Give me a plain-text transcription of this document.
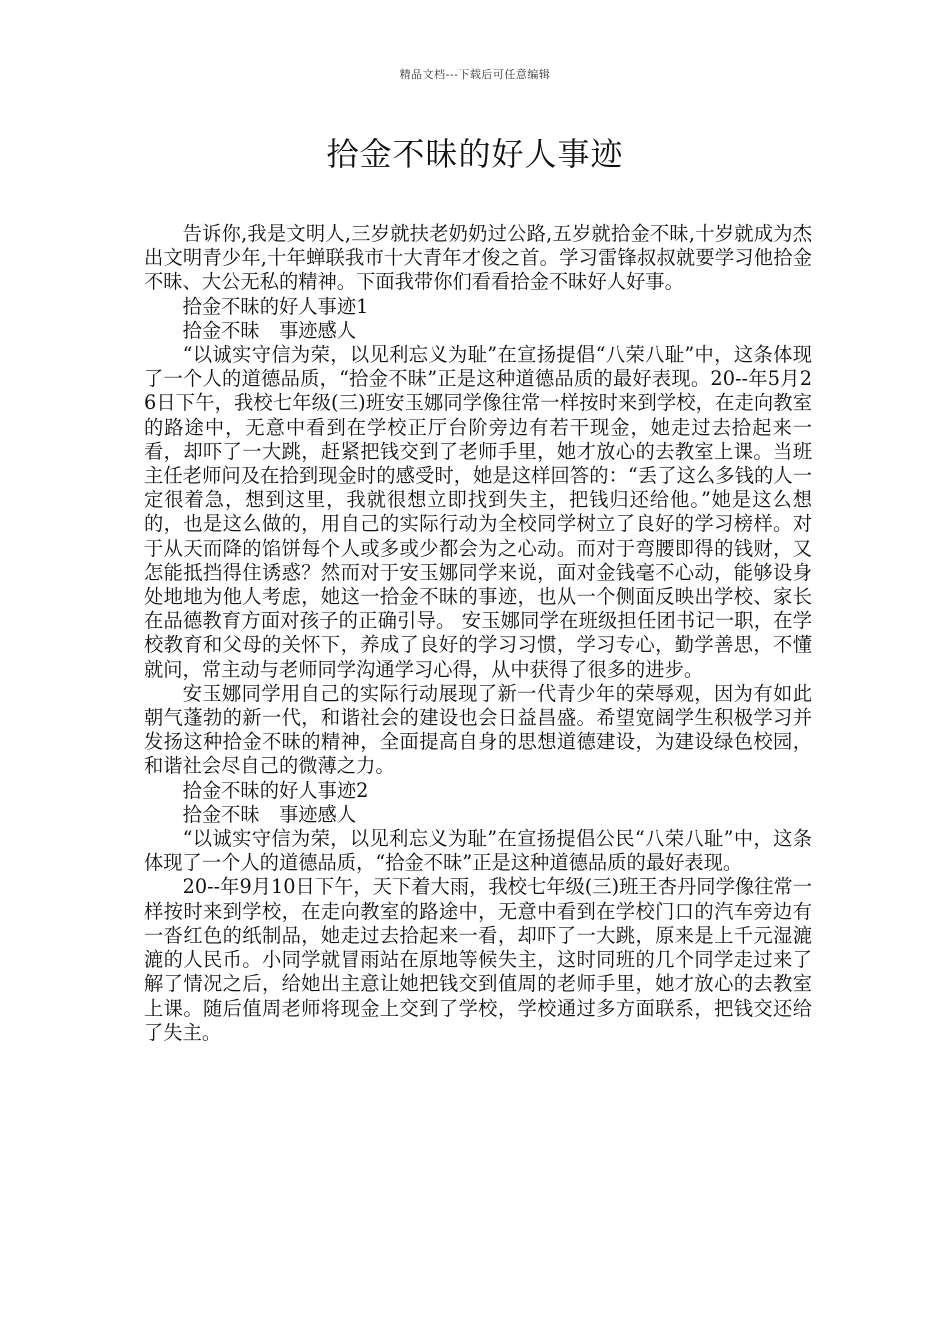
精品文档---下载后可任意编辑
拾金不昧的好人事迹

告诉你,我是文明人,三岁就扶老奶奶过公路,五岁就拾金不昧,十岁就成为杰出文明青少年,十年蝉联我市十大青年才俊之首。学习雷锋叔叔就要学习他拾金不昧、大公无私的精神。下面我带你们看看拾金不昧好人好事。

拾金不昧的好人事迹1

拾金不昧　事迹感人

“以诚实守信为荣，以见利忘义为耻”在宣扬提倡“八荣八耻”中，这条体现了一个人的道德品质，“拾金不昧”正是这种道德品质的最好表现。20--年5月26日下午，我校七年级(三)班安玉娜同学像往常一样按时来到学校，在走向教室的路途中，无意中看到在学校正厅台阶旁边有若干现金，她走过去拾起来一看，却吓了一大跳，赶紧把钱交到了老师手里，她才放心的去教室上课。当班主任老师问及在拾到现金时的感受时，她是这样回答的：“丢了这么多钱的人一定很着急，想到这里，我就很想立即找到失主，把钱归还给他。”她是这么想的，也是这么做的，用自己的实际行动为全校同学树立了良好的学习榜样。对于从天而降的馅饼每个人或多或少都会为之心动。而对于弯腰即得的钱财，又怎能抵挡得住诱惑？然而对于安玉娜同学来说，面对金钱毫不心动，能够设身处地地为他人考虑，她这一拾金不昧的事迹，也从一个侧面反映出学校、家长在品德教育方面对孩子的正确引导。 安玉娜同学在班级担任团书记一职，在学校教育和父母的关怀下，养成了良好的学习习惯，学习专心，勤学善思，不懂就问，常主动与老师同学沟通学习心得，从中获得了很多的进步。

安玉娜同学用自己的实际行动展现了新一代青少年的荣辱观，因为有如此朝气蓬勃的新一代，和谐社会的建设也会日益昌盛。希望宽阔学生积极学习并发扬这种拾金不昧的精神，全面提高自身的思想道德建设，为建设绿色校园，和谐社会尽自己的微薄之力。

拾金不昧的好人事迹2

拾金不昧　事迹感人

“以诚实守信为荣，以见利忘义为耻”在宣扬提倡公民“八荣八耻”中，这条体现了一个人的道德品质，“拾金不昧”正是这种道德品质的最好表现。

20--年9月10日下午，天下着大雨，我校七年级(三)班王杏丹同学像往常一样按时来到学校，在走向教室的路途中，无意中看到在学校门口的汽车旁边有一沓红色的纸制品，她走过去拾起来一看，却吓了一大跳，原来是上千元湿漉漉的人民币。小同学就冒雨站在原地等候失主，这时同班的几个同学走过来了解了情况之后，给她出主意让她把钱交到值周的老师手里，她才放心的去教室上课。随后值周老师将现金上交到了学校，学校通过多方面联系，把钱交还给了失主。
